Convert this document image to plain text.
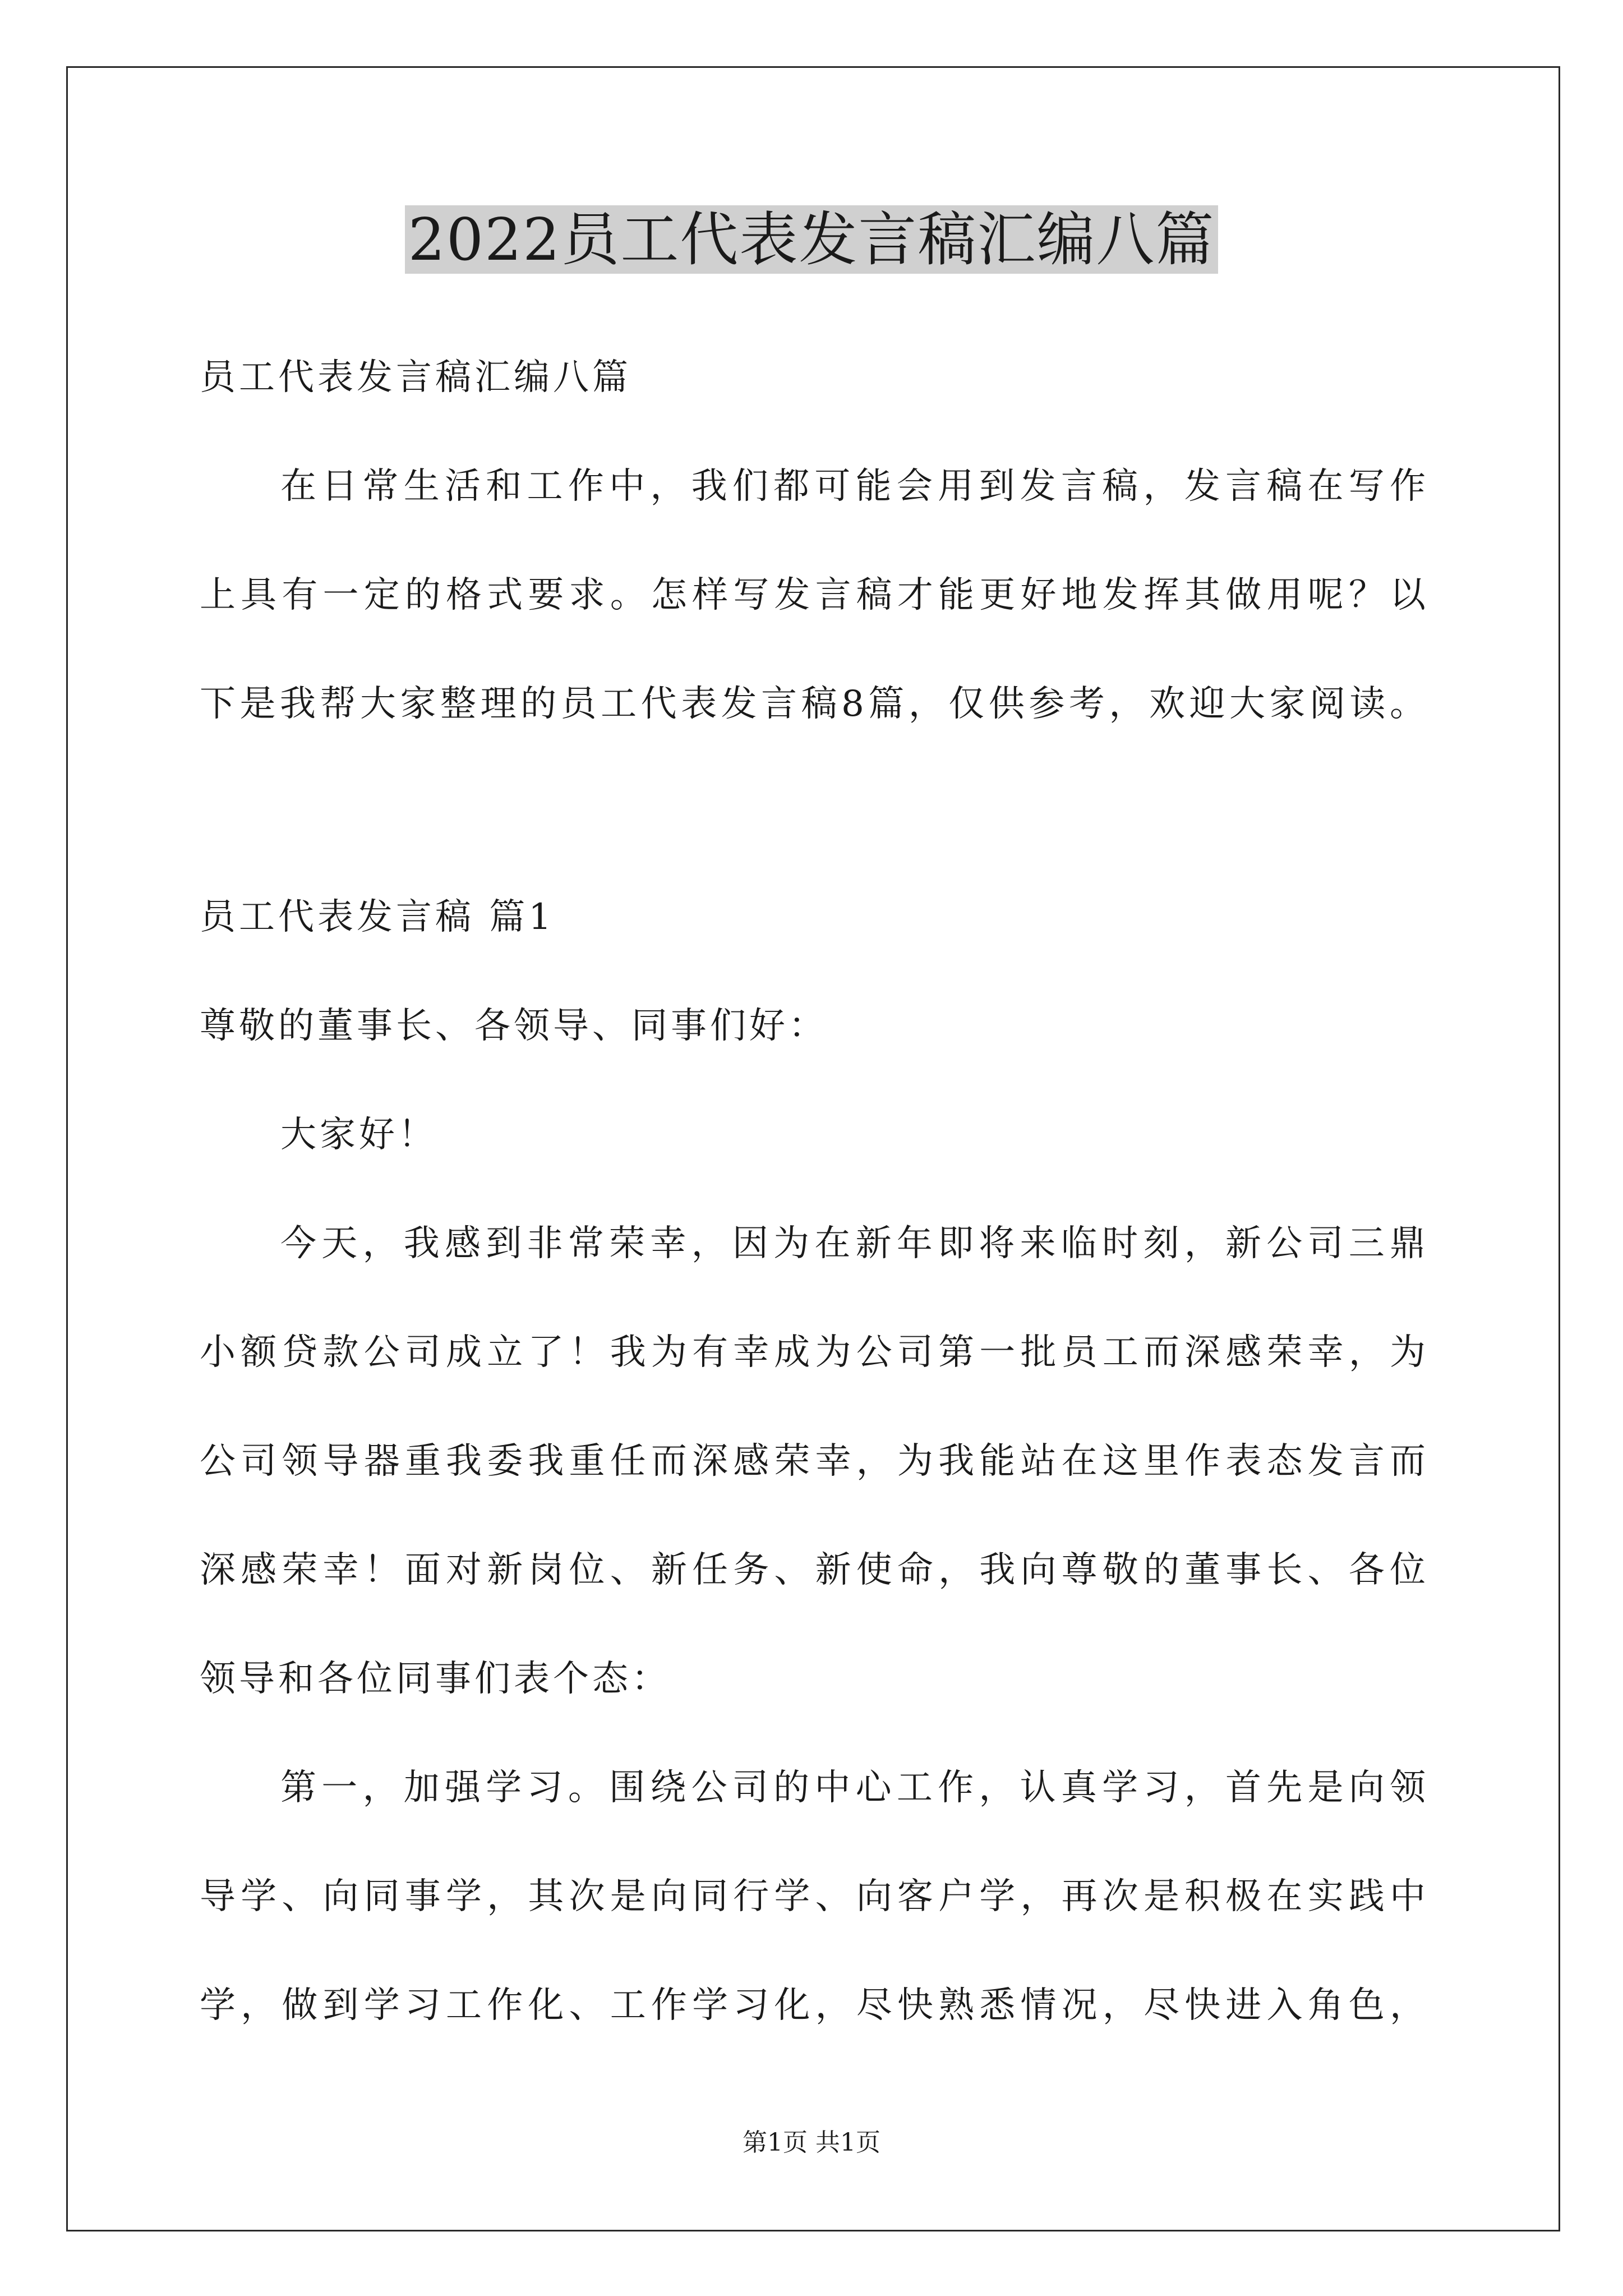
2022员工代表发言稿汇编八篇
员工代表发言稿汇编八篇
在日常生活和工作中，我们都可能会用到发言稿，发言稿在写作
上具有一定的格式要求。怎样写发言稿才能更好地发挥其做用呢？以
下是我帮大家整理的员工代表发言稿8篇，仅供参考，欢迎大家阅读。
员工代表发言稿 篇1
尊敬的董事长、各领导、同事们好：
大家好！
今天，我感到非常荣幸，因为在新年即将来临时刻，新公司三鼎
小额贷款公司成立了！我为有幸成为公司第一批员工而深感荣幸，为
公司领导器重我委我重任而深感荣幸，为我能站在这里作表态发言而
深感荣幸！面对新岗位、新任务、新使命，我向尊敬的董事长、各位
领导和各位同事们表个态：
第一，加强学习。围绕公司的中心工作，认真学习，首先是向领
导学、向同事学，其次是向同行学、向客户学，再次是积极在实践中
学，做到学习工作化、工作学习化，尽快熟悉情况，尽快进入角色，
第1页 共1页
